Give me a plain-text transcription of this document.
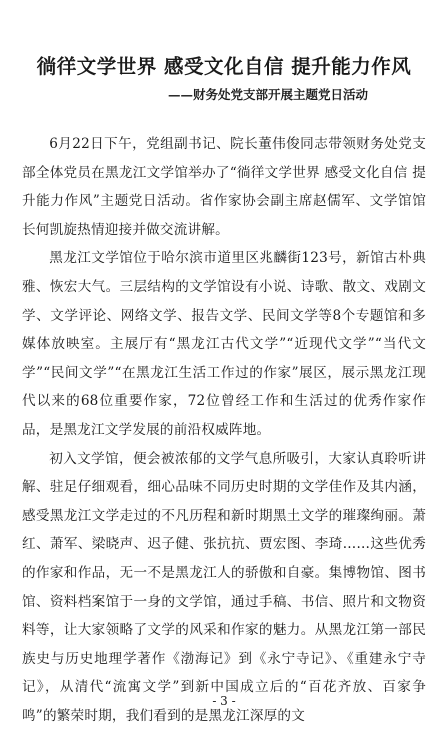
徜徉文学世界 感受文化自信 提升能力作风
——财务处党支部开展主题党日活动

6月22日下午，党组副书记、院长董伟俊同志带领财务处党支部全体党员在黑龙江文学馆举办了“徜徉文学世界 感受文化自信 提升能力作风”主题党日活动。省作家协会副主席赵儒军、文学馆馆长何凯旋热情迎接并做交流讲解。

黑龙江文学馆位于哈尔滨市道里区兆麟街123号，新馆古朴典雅、恢宏大气。三层结构的文学馆设有小说、诗歌、散文、戏剧文学、文学评论、网络文学、报告文学、民间文学等8个专题馆和多媒体放映室。主展厅有“黑龙江古代文学”“近现代文学”“当代文学”“民间文学”“在黑龙江生活工作过的作家”展区，展示黑龙江现代以来的68位重要作家，72位曾经工作和生活过的优秀作家作品，是黑龙江文学发展的前沿权威阵地。

初入文学馆，便会被浓郁的文学气息所吸引，大家认真聆听讲解、驻足仔细观看，细心品味不同历史时期的文学佳作及其内涵，感受黑龙江文学走过的不凡历程和新时期黑土文学的璀璨绚丽。萧红、萧军、梁晓声、迟子健、张抗抗、贾宏图、李琦……这些优秀的作家和作品，无一不是黑龙江人的骄傲和自豪。集博物馆、图书馆、资料档案馆于一身的文学馆，通过手稿、书信、照片和文物资料等，让大家领略了文学的风采和作家的魅力。从黑龙江第一部民族史与历史地理学著作《渤海记》到《永宁寺记》、《重建永宁寺记》，从清代“流寓文学”到新中国成立后的“百花齐放、百家争鸣”的繁荣时期，我们看到的是黑龙江深厚的文

- 3 -
